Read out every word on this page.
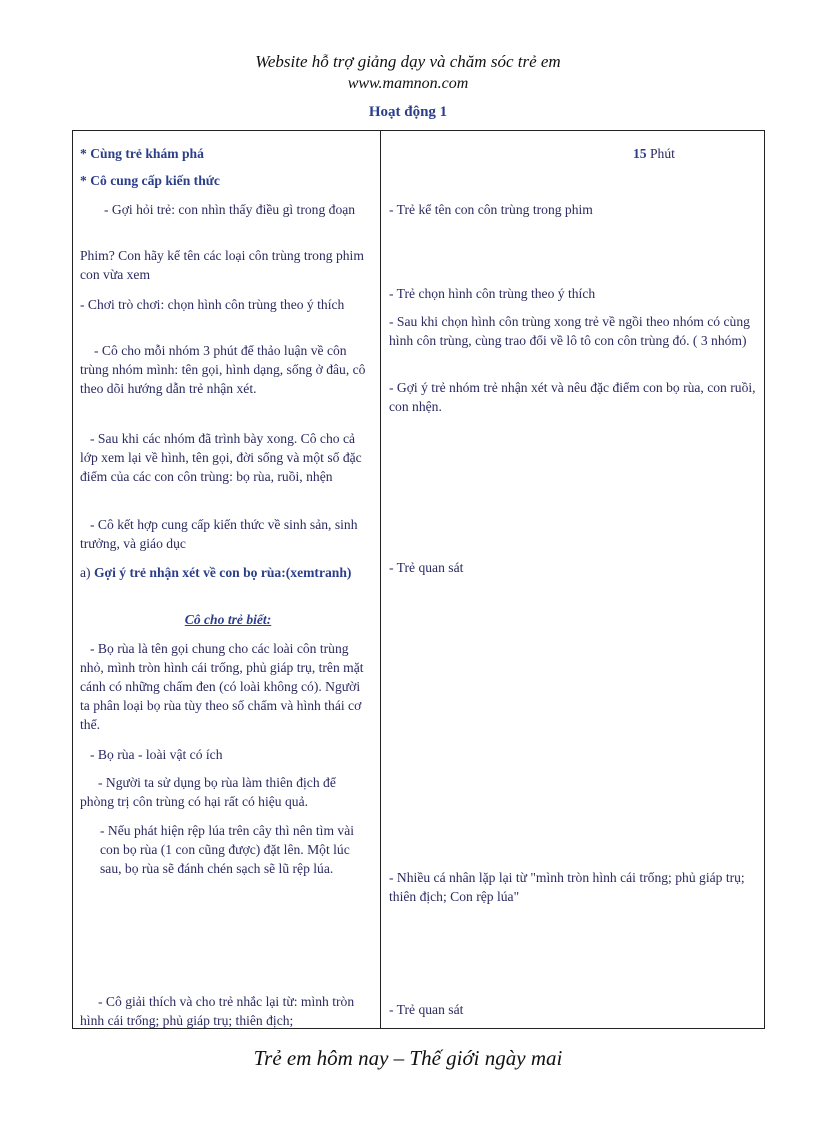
Website hỗ trợ giảng dạy và chăm sóc trẻ em
www.mamnon.com
Hoạt động 1
* Cùng trẻ khám phá
* Cô cung cấp kiến thức
- Gợi hỏi trẻ: con nhìn thấy điều gì trong đoạn
Phim? Con hãy kể tên các loại côn trùng trong phim con vừa xem
- Chơi trò chơi: chọn hình côn trùng theo ý thích
- Cô cho mỗi nhóm 3 phút để thảo luận về côn trùng nhóm mình: tên gọi, hình dạng, sống ở đâu, cô theo dõi hướng dẫn trẻ nhận xét.
- Sau khi các nhóm đã trình bày xong. Cô cho cả lớp xem lại về hình, tên gọi, đời sống và một số đặc điểm của các con côn trùng: bọ rùa, ruồi, nhện
- Cô kết hợp cung cấp kiến thức về sinh sản, sinh trưởng, và giáo dục
a) Gợi ý trẻ nhận xét về con bọ rùa:(xemtranh)
Cô cho trẻ biết:
- Bọ rùa là tên gọi chung cho các loài côn trùng nhỏ, mình tròn hình cái trống, phủ giáp trụ, trên mặt cánh có những chấm đen (có loài không có). Người ta phân loại bọ rùa tùy theo số chấm và hình thái cơ thể.
- Bọ rùa - loài vật có ích
- Người ta sử dụng bọ rùa làm thiên địch để phòng trị côn trùng có hại rất có hiệu quả.
- Nếu phát hiện rệp lúa trên cây thì nên tìm vài con bọ rùa (1 con cũng được) đặt lên. Một lúc sau, bọ rùa sẽ đánh chén sạch sẽ lũ rệp lúa.
- Cô giải thích và cho trẻ nhắc lại từ: mình tròn hình cái trống; phủ giáp trụ; thiên địch;
15 Phút
- Trẻ kể tên con côn trùng trong phim
- Trẻ chọn hình côn trùng theo ý thích
- Sau khi chọn hình côn trùng xong trẻ về ngồi theo nhóm có cùng hình côn trùng, cùng trao đổi về lô tô con côn trùng đó. ( 3 nhóm)
- Gợi ý trẻ nhóm trẻ nhận xét và nêu đặc điểm con bọ rùa, con ruồi, con nhện.
- Trẻ quan sát
- Nhiều cá nhân lặp lại từ "mình tròn hình cái trống; phủ giáp trụ; thiên địch; Con rệp lúa"
- Trẻ quan sát
Trẻ em hôm nay – Thế giới ngày mai
